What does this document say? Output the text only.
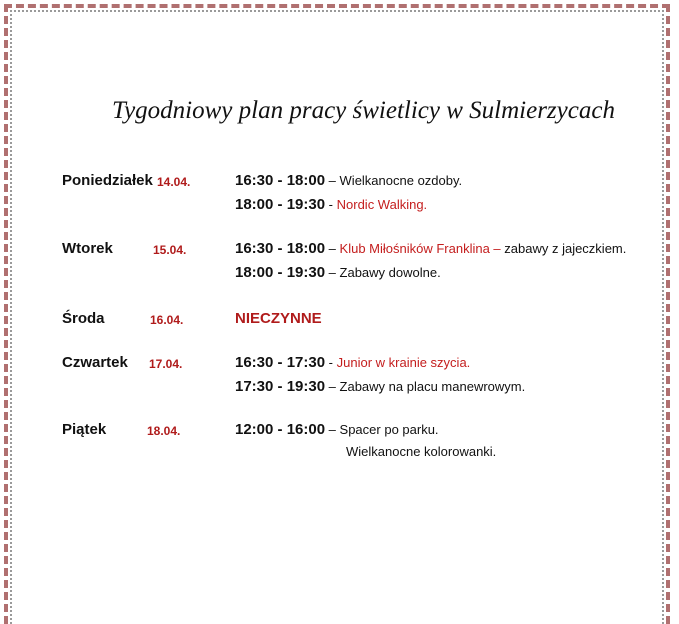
Tygodniowy plan pracy świetlicy w Sulmierzycach
Poniedziałek 14.04.	16:30 - 18:00 – Wielkanocne ozdoby.
18:00 - 19:30 - Nordic Walking.
Wtorek	15.04.	16:30 - 18:00 – Klub Miłośników Franklina – zabawy z jajeczkiem.
18:00 - 19:30 – Zabawy dowolne.
Środa	16.04.	NIECZYNNE
Czwartek 17.04.	16:30 - 17:30 - Junior w krainie szycia.
17:30 - 19:30 – Zabawy na placu manewrowym.
Piątek	18.04.	12:00 - 16:00 – Spacer po parku.
Wielkanocne kolorowanki.
